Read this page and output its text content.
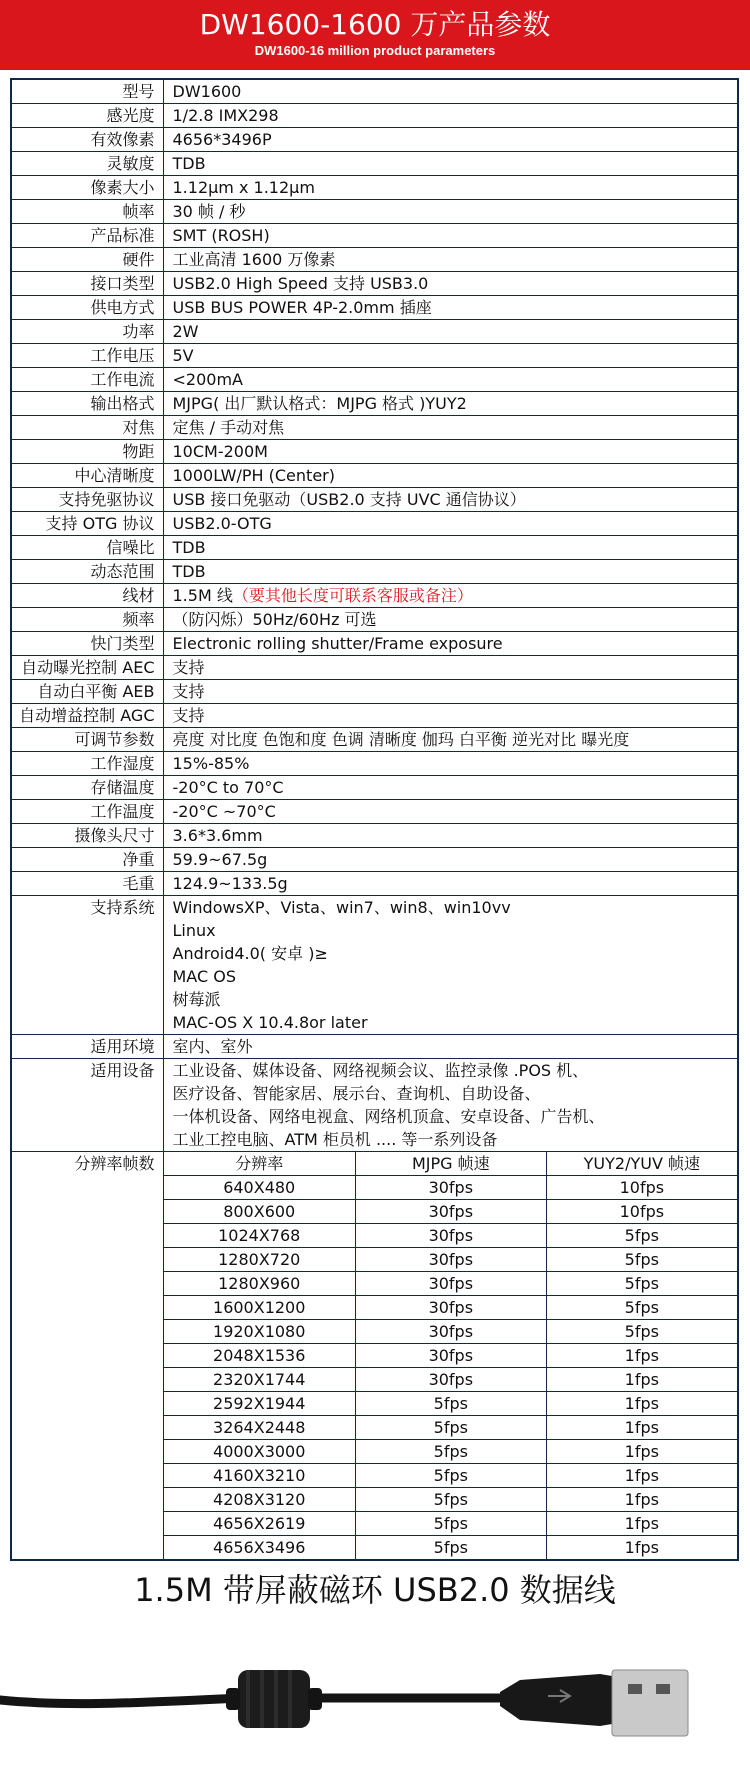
DW1600-1600 万产品参数
DW1600-16 million product parameters
型号	DW1600

感光度	1/2.8 IMX298

有效像素	4656*3496P

灵敏度	TDB

像素大小	1.12μm x 1.12μm

帧率	30 帧 / 秒

产品标准	SMT (ROSH)

硬件	工业高清 1600 万像素

接口类型	USB2.0 High Speed 支持 USB3.0

供电方式	USB BUS POWER 4P-2.0mm 插座

功率	2W

工作电压	5V

工作电流	<200mA

输出格式	MJPG( 出厂默认格式：MJPG 格式 )YUY2

对焦	定焦 / 手动对焦

物距	10CM-200M

中心清晰度	1000LW/PH (Center)

支持免驱协议	USB 接口免驱动（USB2.0 支持 UVC 通信协议）

支持 OTG 协议	USB2.0-OTG

信噪比	TDB

动态范围	TDB

线材	1.5M 线（要其他长度可联系客服或备注）

频率	（防闪烁）50Hz/60Hz 可选

快门类型	Electronic rolling shutter/Frame exposure

自动曝光控制 AEC	支持

自动白平衡 AEB	支持

自动增益控制 AGC	支持

可调节参数	亮度 对比度 色饱和度 色调 清晰度 伽玛 白平衡 逆光对比 曝光度

工作湿度	15%-85%

存储温度	-20°C to 70°C

工作温度	-20°C ~70°C

摄像头尺寸	3.6*3.6mm

净重	59.9~67.5g

毛重	124.9~133.5g

支持系统	WindowsXP、Vista、win7、win8、win10vv
Linux
Android4.0( 安卓 )≥
MAC OS
树莓派
MAC-OS X 10.4.8or later

适用环境	室内、室外

适用设备	工业设备、媒体设备、网络视频会议、监控录像 .POS 机、
医疗设备、智能家居、展示台、查询机、自助设备、
一体机设备、网络电视盒、网络机顶盒、安卓设备、广告机、
工业工控电脑、ATM 柜员机 .... 等一系列设备

分辨率帧数		分辨率	MJPG 帧速	YUY2/YUV 帧速
640X480	30fps	10fps
800X600	30fps	10fps
1024X768	30fps	5fps
1280X720	30fps	5fps
1280X960	30fps	5fps
1600X1200	30fps	5fps
1920X1080	30fps	5fps
2048X1536	30fps	1fps
2320X1744	30fps	1fps
2592X1944	5fps	1fps
3264X2448	5fps	1fps
4000X3000	5fps	1fps
4160X3210	5fps	1fps
4208X3120	5fps	1fps
4656X2619	5fps	1fps
4656X3496	5fps	1fps
1.5M 带屏蔽磁环 USB2.0 数据线
